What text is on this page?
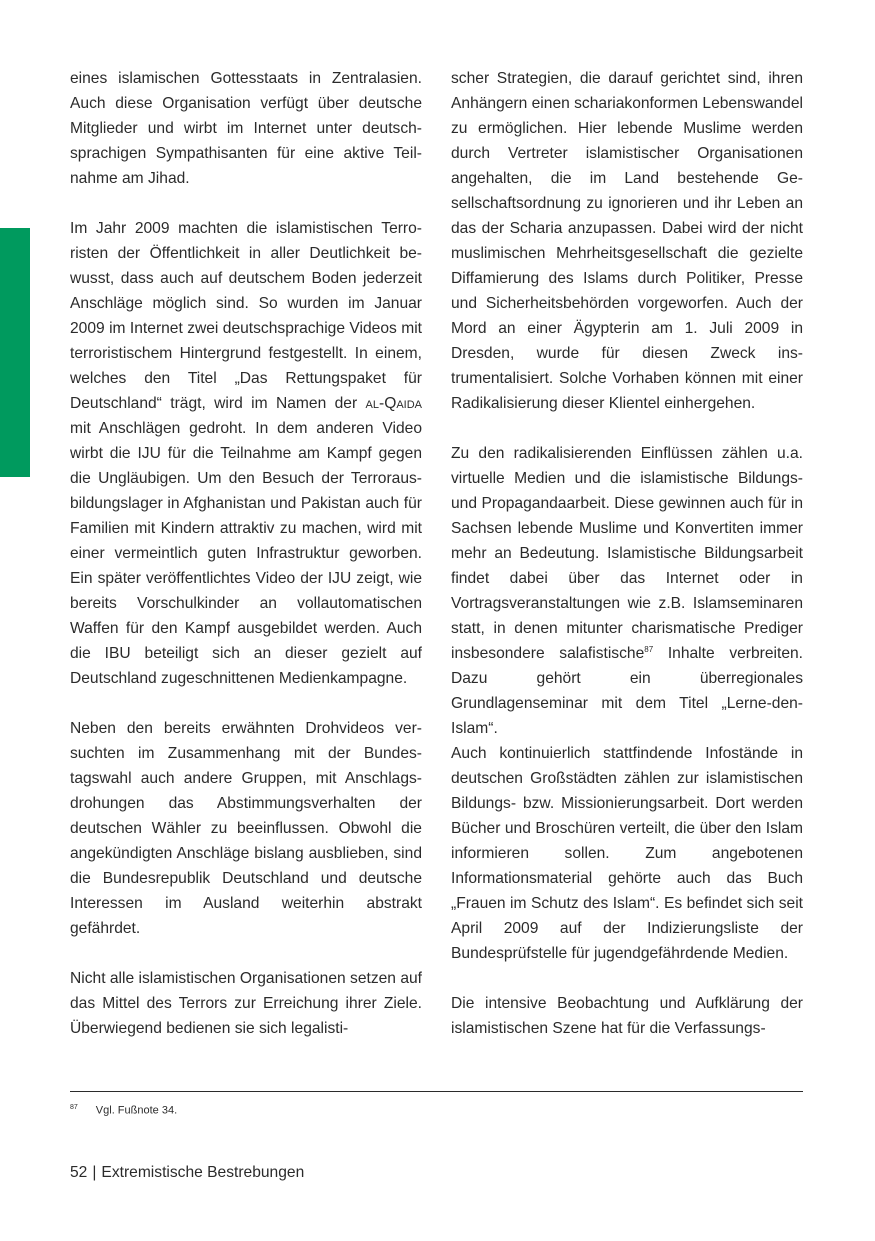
eines islamischen Gottesstaats in Zentralasien. Auch diese Organisation verfügt über deutsche Mitglieder und wirbt im Internet unter deutschsprachigen Sympathisanten für eine aktive Teilnahme am Jihad.

Im Jahr 2009 machten die islamistischen Terroristen der Öffentlichkeit in aller Deutlichkeit bewusst, dass auch auf deutschem Boden jederzeit Anschläge möglich sind. So wurden im Januar 2009 im Internet zwei deutschsprachige Videos mit terroristischem Hintergrund festgestellt. In einem, welches den Titel „Das Rettungspaket für Deutschland“ trägt, wird im Namen der al-Qaida mit Anschlägen gedroht. In dem anderen Video wirbt die IJU für die Teilnahme am Kampf gegen die Ungläubigen. Um den Besuch der Terrorausbildungslager in Afghanistan und Pakistan auch für Familien mit Kindern attraktiv zu machen, wird mit einer vermeintlich guten Infrastruktur geworben. Ein später veröffentlichtes Video der IJU zeigt, wie bereits Vorschulkinder an vollautomatischen Waffen für den Kampf ausgebildet werden. Auch die IBU beteiligt sich an dieser gezielt auf Deutschland zugeschnittenen Medienkampagne.

Neben den bereits erwähnten Drohvideos versuchten im Zusammenhang mit der Bundestagswahl auch andere Gruppen, mit Anschlagsdrohungen das Abstimmungsverhalten der deutschen Wähler zu beeinflussen. Obwohl die angekündigten Anschläge bislang ausblieben, sind die Bundesrepublik Deutschland und deutsche Interessen im Ausland weiterhin abstrakt gefährdet.

Nicht alle islamistischen Organisationen setzen auf das Mittel des Terrors zur Erreichung ihrer Ziele. Überwiegend bedienen sie sich legalisti-

scher Strategien, die darauf gerichtet sind, ihren Anhängern einen schariakonformen Lebenswandel zu ermöglichen. Hier lebende Muslime werden durch Vertreter islamistischer Organisationen angehalten, die im Land bestehende Gesellschaftsordnung zu ignorieren und ihr Leben an das der Scharia anzupassen. Dabei wird der nicht muslimischen Mehrheitsgesellschaft die gezielte Diffamierung des Islams durch Politiker, Presse und Sicherheitsbehörden vorgeworfen. Auch der Mord an einer Ägypterin am 1. Juli 2009 in Dresden, wurde für diesen Zweck instrumentalisiert. Solche Vorhaben können mit einer Radikalisierung dieser Klientel einhergehen.

Zu den radikalisierenden Einflüssen zählen u.a. virtuelle Medien und die islamistische Bildungs- und Propagandaarbeit. Diese gewinnen auch für in Sachsen lebende Muslime und Konvertiten immer mehr an Bedeutung. Islamistische Bildungsarbeit findet dabei über das Internet oder in Vortragsveranstaltungen wie z.B. Islamseminaren statt, in denen mitunter charismatische Prediger insbesondere salafistische$^{87}$ Inhalte verbreiten. Dazu gehört ein überregionales Grundlagenseminar mit dem Titel „Lerne-den-Islam“.

Auch kontinuierlich stattfindende Infostände in deutschen Großstädten zählen zur islamistischen Bildungs- bzw. Missionierungsarbeit. Dort werden Bücher und Broschüren verteilt, die über den Islam informieren sollen. Zum angebotenen Informationsmaterial gehörte auch das Buch „Frauen im Schutz des Islam“. Es befindet sich seit April 2009 auf der Indizierungsliste der Bundesprüfstelle für jugendgefährdende Medien.

Die intensive Beobachtung und Aufklärung der islamistischen Szene hat für die Verfassungs-

$^{87}$ Vgl. Fußnote 34.
52 | Extremistische Bestrebungen
